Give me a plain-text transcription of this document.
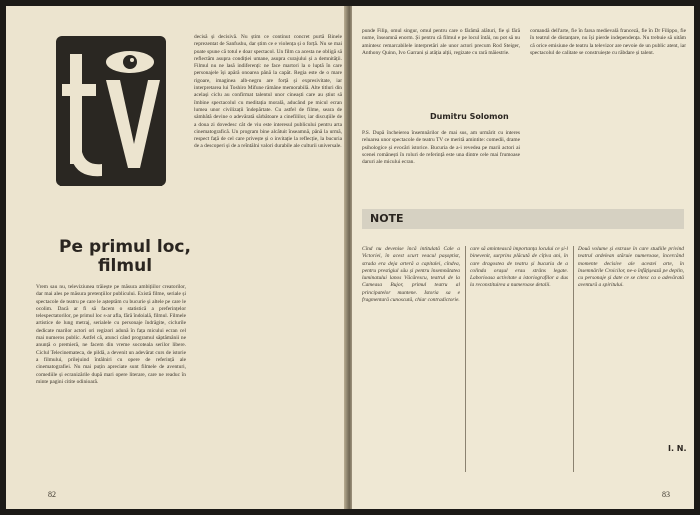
Pe primul loc, filmul

Vrem sau nu, televiziunea trăiește pe măsura ambițiilor creatorilor, dar mai ales pe măsura pretențiilor publicului. Există filme, seriale și spectacole de teatru pe care le așteptăm cu bucurie și altele pe care le ocolim. Dacă ar fi să facem o statistică a preferințelor telespectatorilor, pe primul loc s-ar afla, fără îndoială, filmul. Filmele artistice de lung metraj, serialele cu personaje îndrăgite, ciclurile dedicate marilor actori ori regizori adună în fața micului ecran cel mai numeros public. Astfel că, atunci când programul săptămânii ne anunță o premieră, ne facem din vreme socoteala serilor libere. Ciclul Telecinemateca, de pildă, a devenit un adevărat curs de istorie a filmului, prilejuind întâlniri cu opere de referință ale cinematografiei. Nu mai puțin apreciate sunt filmele de aventuri, comediile și ecranizările după mari opere literare, care ne readuc în minte pagini citite odinioară.

decisă și decisivă. Nu știm ce continut concret purtă Binele reprezentat de Sanfushu, dar știm ce e violența și o forță. Nu se mai poate spune că totul e doar spectacol. Un film ca acesta ne obligă să reflectăm asupra condiției umane, asupra curajului și a demnității. Filmul nu ne lasă indiferenți: ne face martori la o luptă în care personajele își apără onoarea până la capăt. Regia este de o mare rigoare, imaginea alb-negru are forță și expresivitate, iar interpretarea lui Toshiro Mifune rămâne memorabilă. Alte titluri din același ciclu au confirmat talentul unor cineaști care au știut să îmbine spectacolul cu meditația morală, aducând pe micul ecran lumea unor civilizații îndepărtate. Cu astfel de filme, seara de sâmbătă devine o adevărată sărbătoare a cinefililor, iar discuțiile de a doua zi dovedesc cât de viu este interesul publicului pentru arta cinematografică. Un program bine alcătuit înseamnă, până la urmă, respect față de cel care privește și o invitație la reflecție, la bucuria de a descoperi și de a reîntâlni valori durabile ale culturii universale.

82

punde Filip, omul singur, omul pentru care o fărâmă alături, fie și fără nume, înseamnă enorm. Și pentru că filmul e pe locul întâi, nu pot să nu amintesc remarcabilele interpretări ale unor actori precum Rod Steiger, Anthony Quinn, Ivo Garrani și atâția alții, regizate cu rară măiestrie.

Dumitru Solomon

P.S. După încheierea însemnărilor de mai sus, am urmărit cu interes reluarea unor spectacole de teatru TV ce merită amintite: comedii, drame psihologice și evocări istorice. Bucuria de a-i revedea pe marii actori ai scenei românești în roluri de referință este una dintre cele mai frumoase daruri ale micului ecran.

comandă dell'arte, fie în farsa medievală franceză, fie în Dr Filippo, fie în teatrul de distanțare, nu își pierde independența. Nu trebuie să uităm că orice emisiune de teatru la televizor are nevoie de un public atent, iar spectacolul de calitate se construiește cu răbdare și talent.

NOTE

Cînd nu devenise încă intitulată Cale a Victoriei, în acest scurt veacul pașoptist, strada era deja arteră a capitalei, cîndva, pentru prestigiul său și pentru însemnătatea luminatului lanos Văcărescu, teatrul de la Cameasa Bujor, primul teatru al principatelor muntene. Istoria sa e fragmentară cunoscută, chiar contradictorie.

care să amintească importanța locului ce și-l binevenit, surprins plăcută de cîțiva ani, în care dragostea de teatru și bucuria de a colinda orașul erau strâns legate. Laborioasa activitate a istoriografilor a dus la reconstituirea a numeroase detalii.

Două volume și extrase în care studiile privind teatrul ardelean stăruie numeroase, încercând momente decisive ale acestei arte, în însemnările Croicilor, ne-o înfățișează pe deplin, cu personaje și date ce se citesc ca o adevărată aventură a spiritului.

I. N.
83
